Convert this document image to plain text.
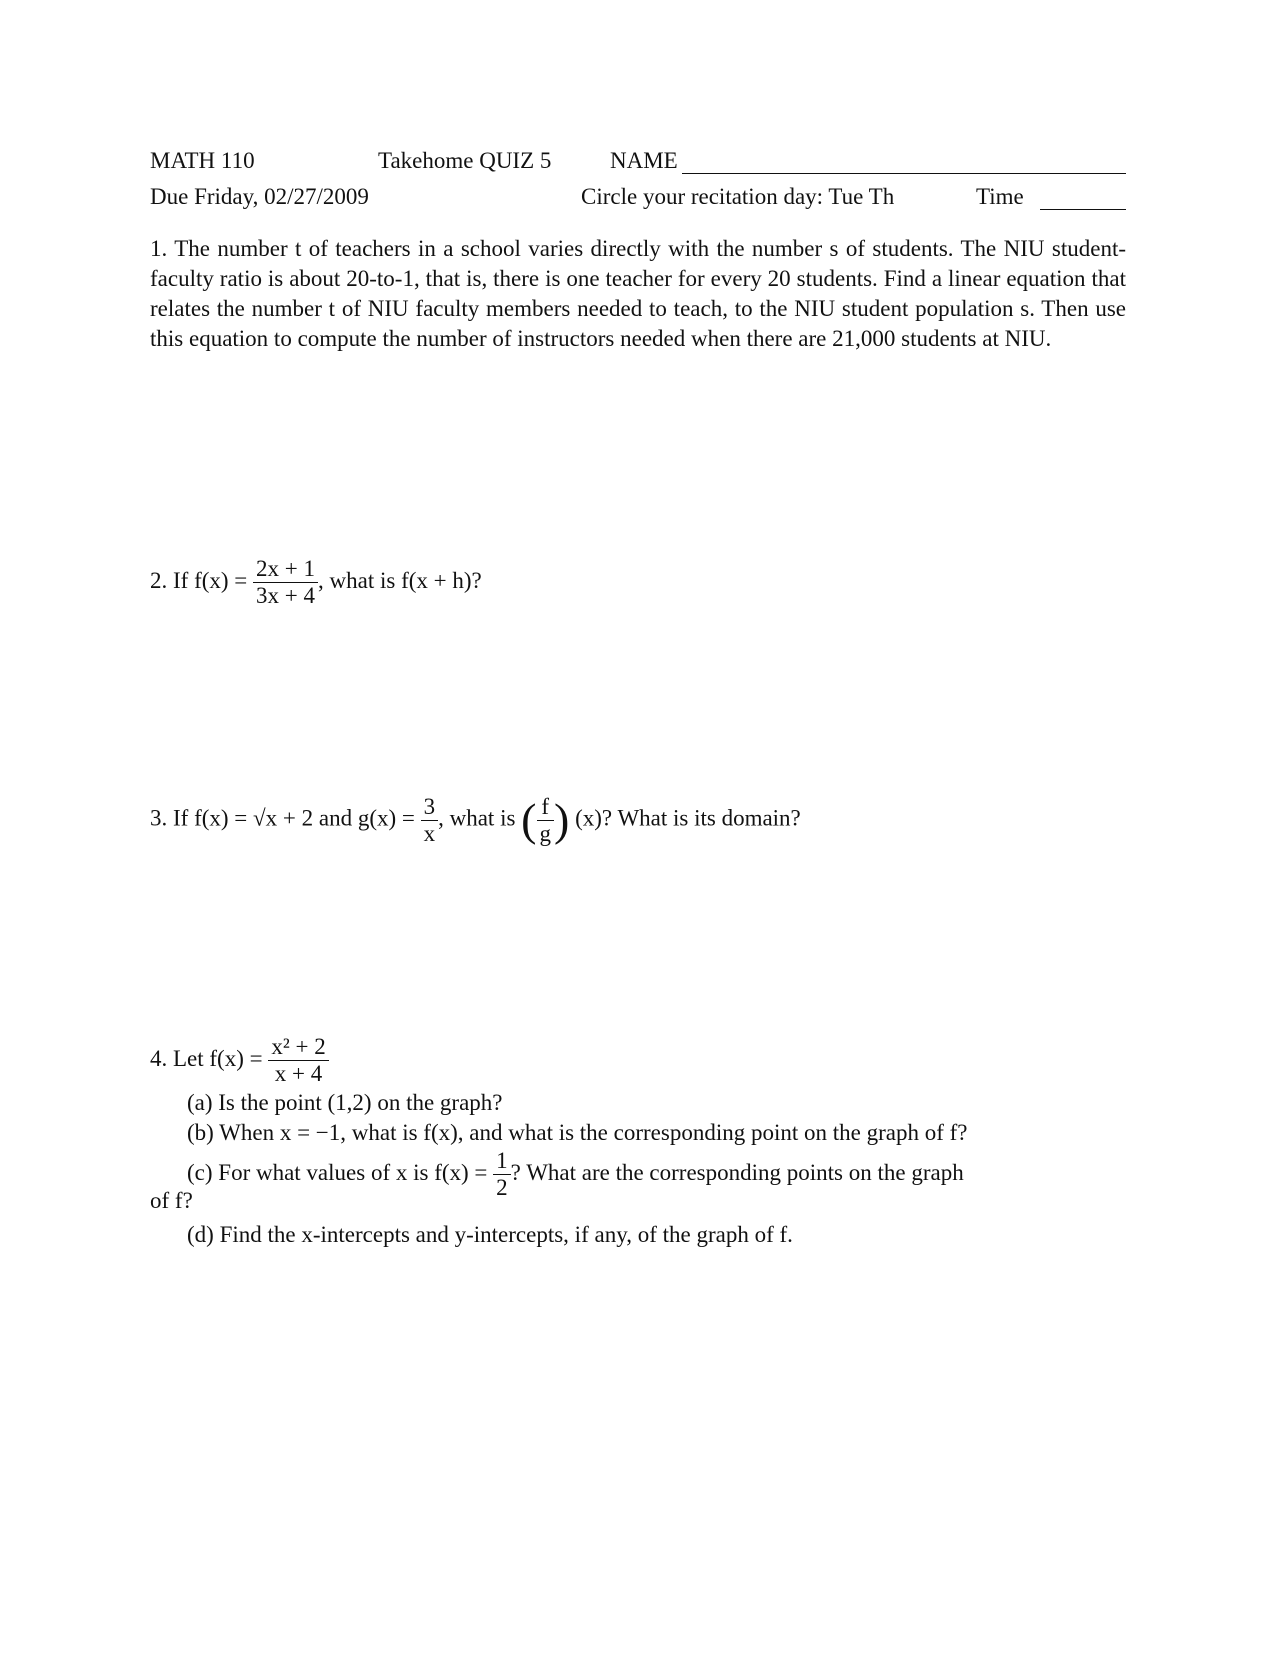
MATH 110	Takehome QUIZ 5	NAME
Due Friday, 02/27/2009	Circle your recitation day: Tue Th	Time
1. The number t of teachers in a school varies directly with the number s of students. The NIU student-faculty ratio is about 20-to-1, that is, there is one teacher for every 20 students. Find a linear equation that relates the number t of NIU faculty members needed to teach, to the NIU student population s. Then use this equation to compute the number of instructors needed when there are 21,000 students at NIU.
2. If $f(x) = \frac{2x + 1}{3x + 4}$ , what is f(x + h)?
3. If f(x) = √x + 2 and $g(x) = \frac{3}{x}$ , what is ( $\frac{f}{g}$ ) (x)? What is its domain?
4. Let $f(x) = \frac{\text{x² + 2}}{x + 4}$
(a) Is the point (1,2) on the graph?
(b) When x = −1, what is f(x), and what is the corresponding point on the graph of f?
(c) For what values of x is $f(x) = \frac{1}{2}$ ? What are the corresponding points on the graph
of f?
(d) Find the x-intercepts and y-intercepts, if any, of the graph of f.
